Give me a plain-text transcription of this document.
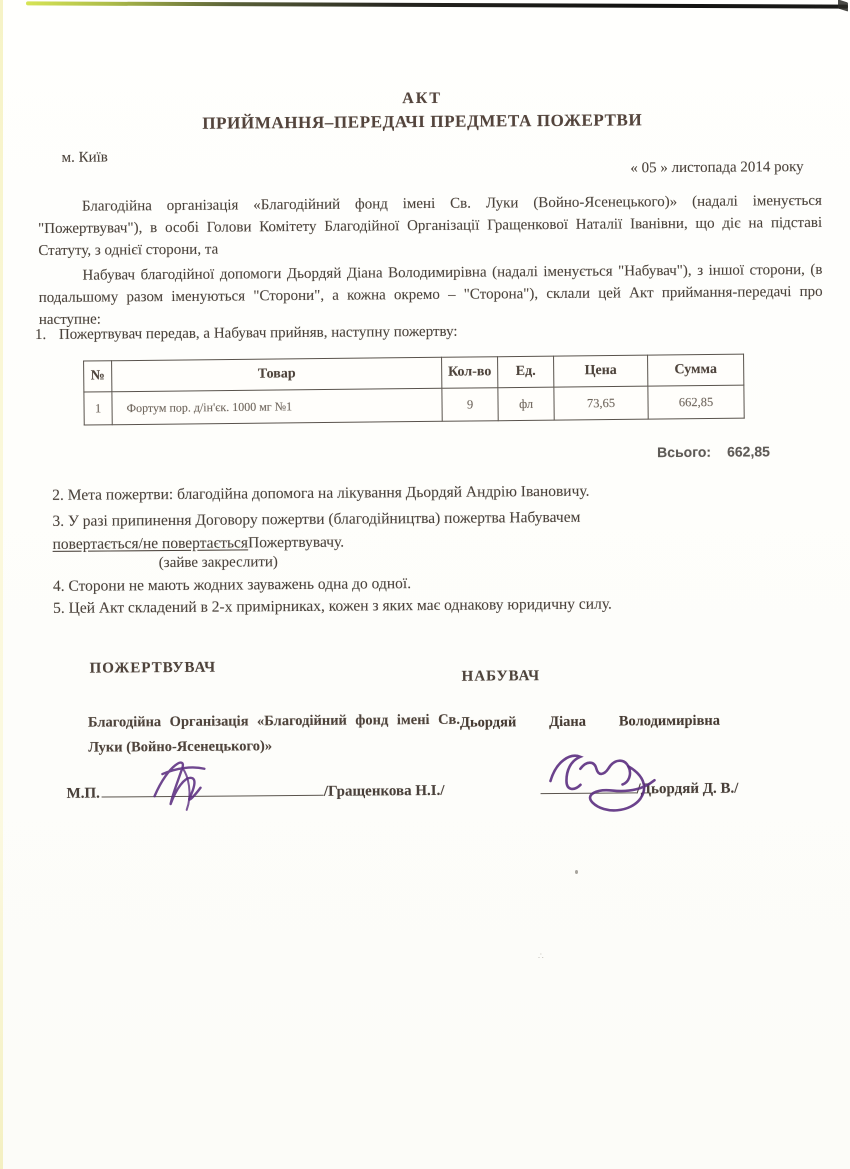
∴
АКТ
ПРИЙМАННЯ–ПЕРЕДАЧІ ПРЕДМЕТА ПОЖЕРТВИ
м. Київ
« 05 » листопада 2014 року
Благодійна організація «Благодійний фонд імені Св. Луки (Войно-Ясенецького)» (надалі іменується "Пожертвувач"), в особі Голови Комітету Благодійної Організації Гращенкової Наталії Іванівни, що діє на підставі Статуту, з однієї сторони, та
Набувач благодійної допомоги Дьордяй Діана Володимирівна (надалі іменується "Набувач"), з іншої сторони, (в подальшому разом іменуються "Сторони", а кожна окремо – "Сторона"), склали цей Акт приймання-передачі про наступне:
1. Пожертвувач передав, а Набувач прийняв, наступну пожертву:
№	Товар	Кол-во	Ед.	Цена	Сумма
1	Фортум пор. д/ін'єк. 1000 мг №1	9	фл	73,65	662,85
Всього: 662,85
2. Мета пожертви: благодійна допомога на лікування Дьордяй Андрію Івановичу.
3. У разі припинення Договору пожертви (благодійництва) пожертва Набувачем
повертається/не повертаєтьсяПожертвувачу.
(зайве закреслити)
4. Сторони не мають жодних зауважень одна до одної.
5. Цей Акт складений в 2-х примірниках, кожен з яких має однакову юридичну силу.
ПОЖЕРТВУВАЧ	НАБУВАЧ
Благодійна Організація «Благодійний фонд імені Св. Луки (Войно-Ясенецького)»
Дьордяй Діана Володимирівна
М.П.	/Гращенкова Н.І./	/Дьордяй Д. В./
